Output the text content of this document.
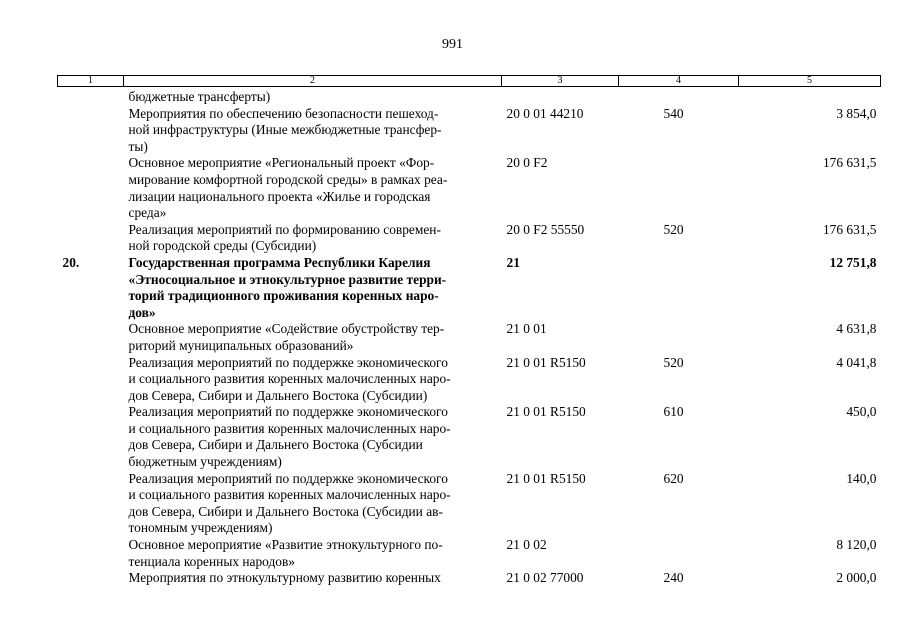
991
1	2	3	4	5

	бюджетные трансферты)			

	Мероприятия по обеспечению безопасности пешеход-
ной инфраструктуры (Иные межбюджетные трансфер-
ты)	20 0 01 44210	540	3 854,0

	Основное мероприятие «Региональный проект «Фор-
мирование комфортной городской среды» в рамках реа-
лизации национального проекта «Жилье и городская
среда»	20 0 F2		176 631,5

	Реализация мероприятий по формированию современ-
ной городской среды (Субсидии)	20 0 F2 55550	520	176 631,5
20.	Государственная программа Республики Карелия
«Этносоциальное и этнокультурное развитие терри-
торий традиционного проживания коренных наро-
дов»	21		12 751,8

	Основное мероприятие «Содействие обустройству тер-
риторий муниципальных образований»	21 0 01		4 631,8

	Реализация мероприятий по поддержке экономического
и социального развития коренных малочисленных наро-
дов Севера, Сибири и Дальнего Востока (Субсидии)	21 0 01 R5150	520	4 041,8

	Реализация мероприятий по поддержке экономического
и социального развития коренных малочисленных наро-
дов Севера, Сибири и Дальнего Востока (Субсидии
бюджетным учреждениям)	21 0 01 R5150	610	450,0

	Реализация мероприятий по поддержке экономического
и социального развития коренных малочисленных наро-
дов Севера, Сибири и Дальнего Востока (Субсидии ав-
тономным учреждениям)	21 0 01 R5150	620	140,0

	Основное мероприятие «Развитие этнокультурного по-
тенциала коренных народов»	21 0 02		8 120,0

	Мероприятия по этнокультурному развитию коренных	21 0 02 77000	240	2 000,0
